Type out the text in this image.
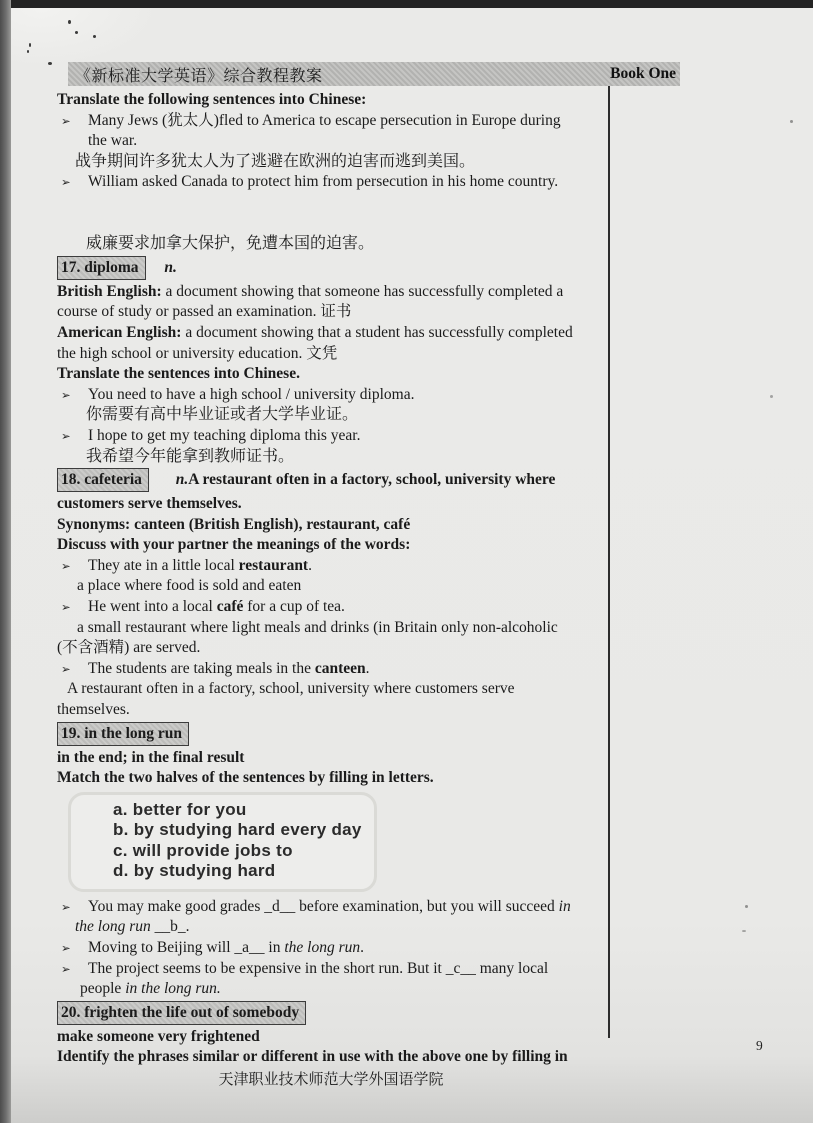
《新标准大学英语》综合教程教案	Book One
Translate the following sentences into Chinese:
➢ Many Jews (犹太人)fled to America to escape persecution in Europe during
the war.
战争期间许多犹太人为了逃避在欧洲的迫害而逃到美国。
➢ William asked Canada to protect him from persecution in his home country.
威廉要求加拿大保护，免遭本国的迫害。
17. diploma n.
British English: a document showing that someone has successfully completed a
course of study or passed an examination. 证书
American English: a document showing that a student has successfully completed
the high school or university education. 文凭
Translate the sentences into Chinese.
➢ You need to have a high school / university diploma.
你需要有高中毕业证或者大学毕业证。
➢ I hope to get my teaching diploma this year.
我希望今年能拿到教师证书。
18. cafeteria n.A restaurant often in a factory, school, university where
customers serve themselves.
Synonyms: canteen (British English), restaurant, café
Discuss with your partner the meanings of the words:
➢ They ate in a little local restaurant.
a place where food is sold and eaten
➢ He went into a local café for a cup of tea.
a small restaurant where light meals and drinks (in Britain only non-alcoholic
(不含酒精) are served.
➢ The students are taking meals in the canteen.
A restaurant often in a factory, school, university where customers serve
themselves.
19. in the long run
in the end; in the final result
Match the two halves of the sentences by filling in letters.
a. better for you
b. by studying hard every day
c. will provide jobs to
d. by studying hard
➢ You may make good grades _d__ before examination, but you will succeed in
the long run __b_.
➢ Moving to Beijing will _a__ in the long run.
➢ The project seems to be expensive in the short run. But it _c__ many local
people in the long run.
20. frighten the life out of somebody
make someone very frightened
Identify the phrases similar or different in use with the above one by filling in
天津职业技术师范大学外国语学院
9
